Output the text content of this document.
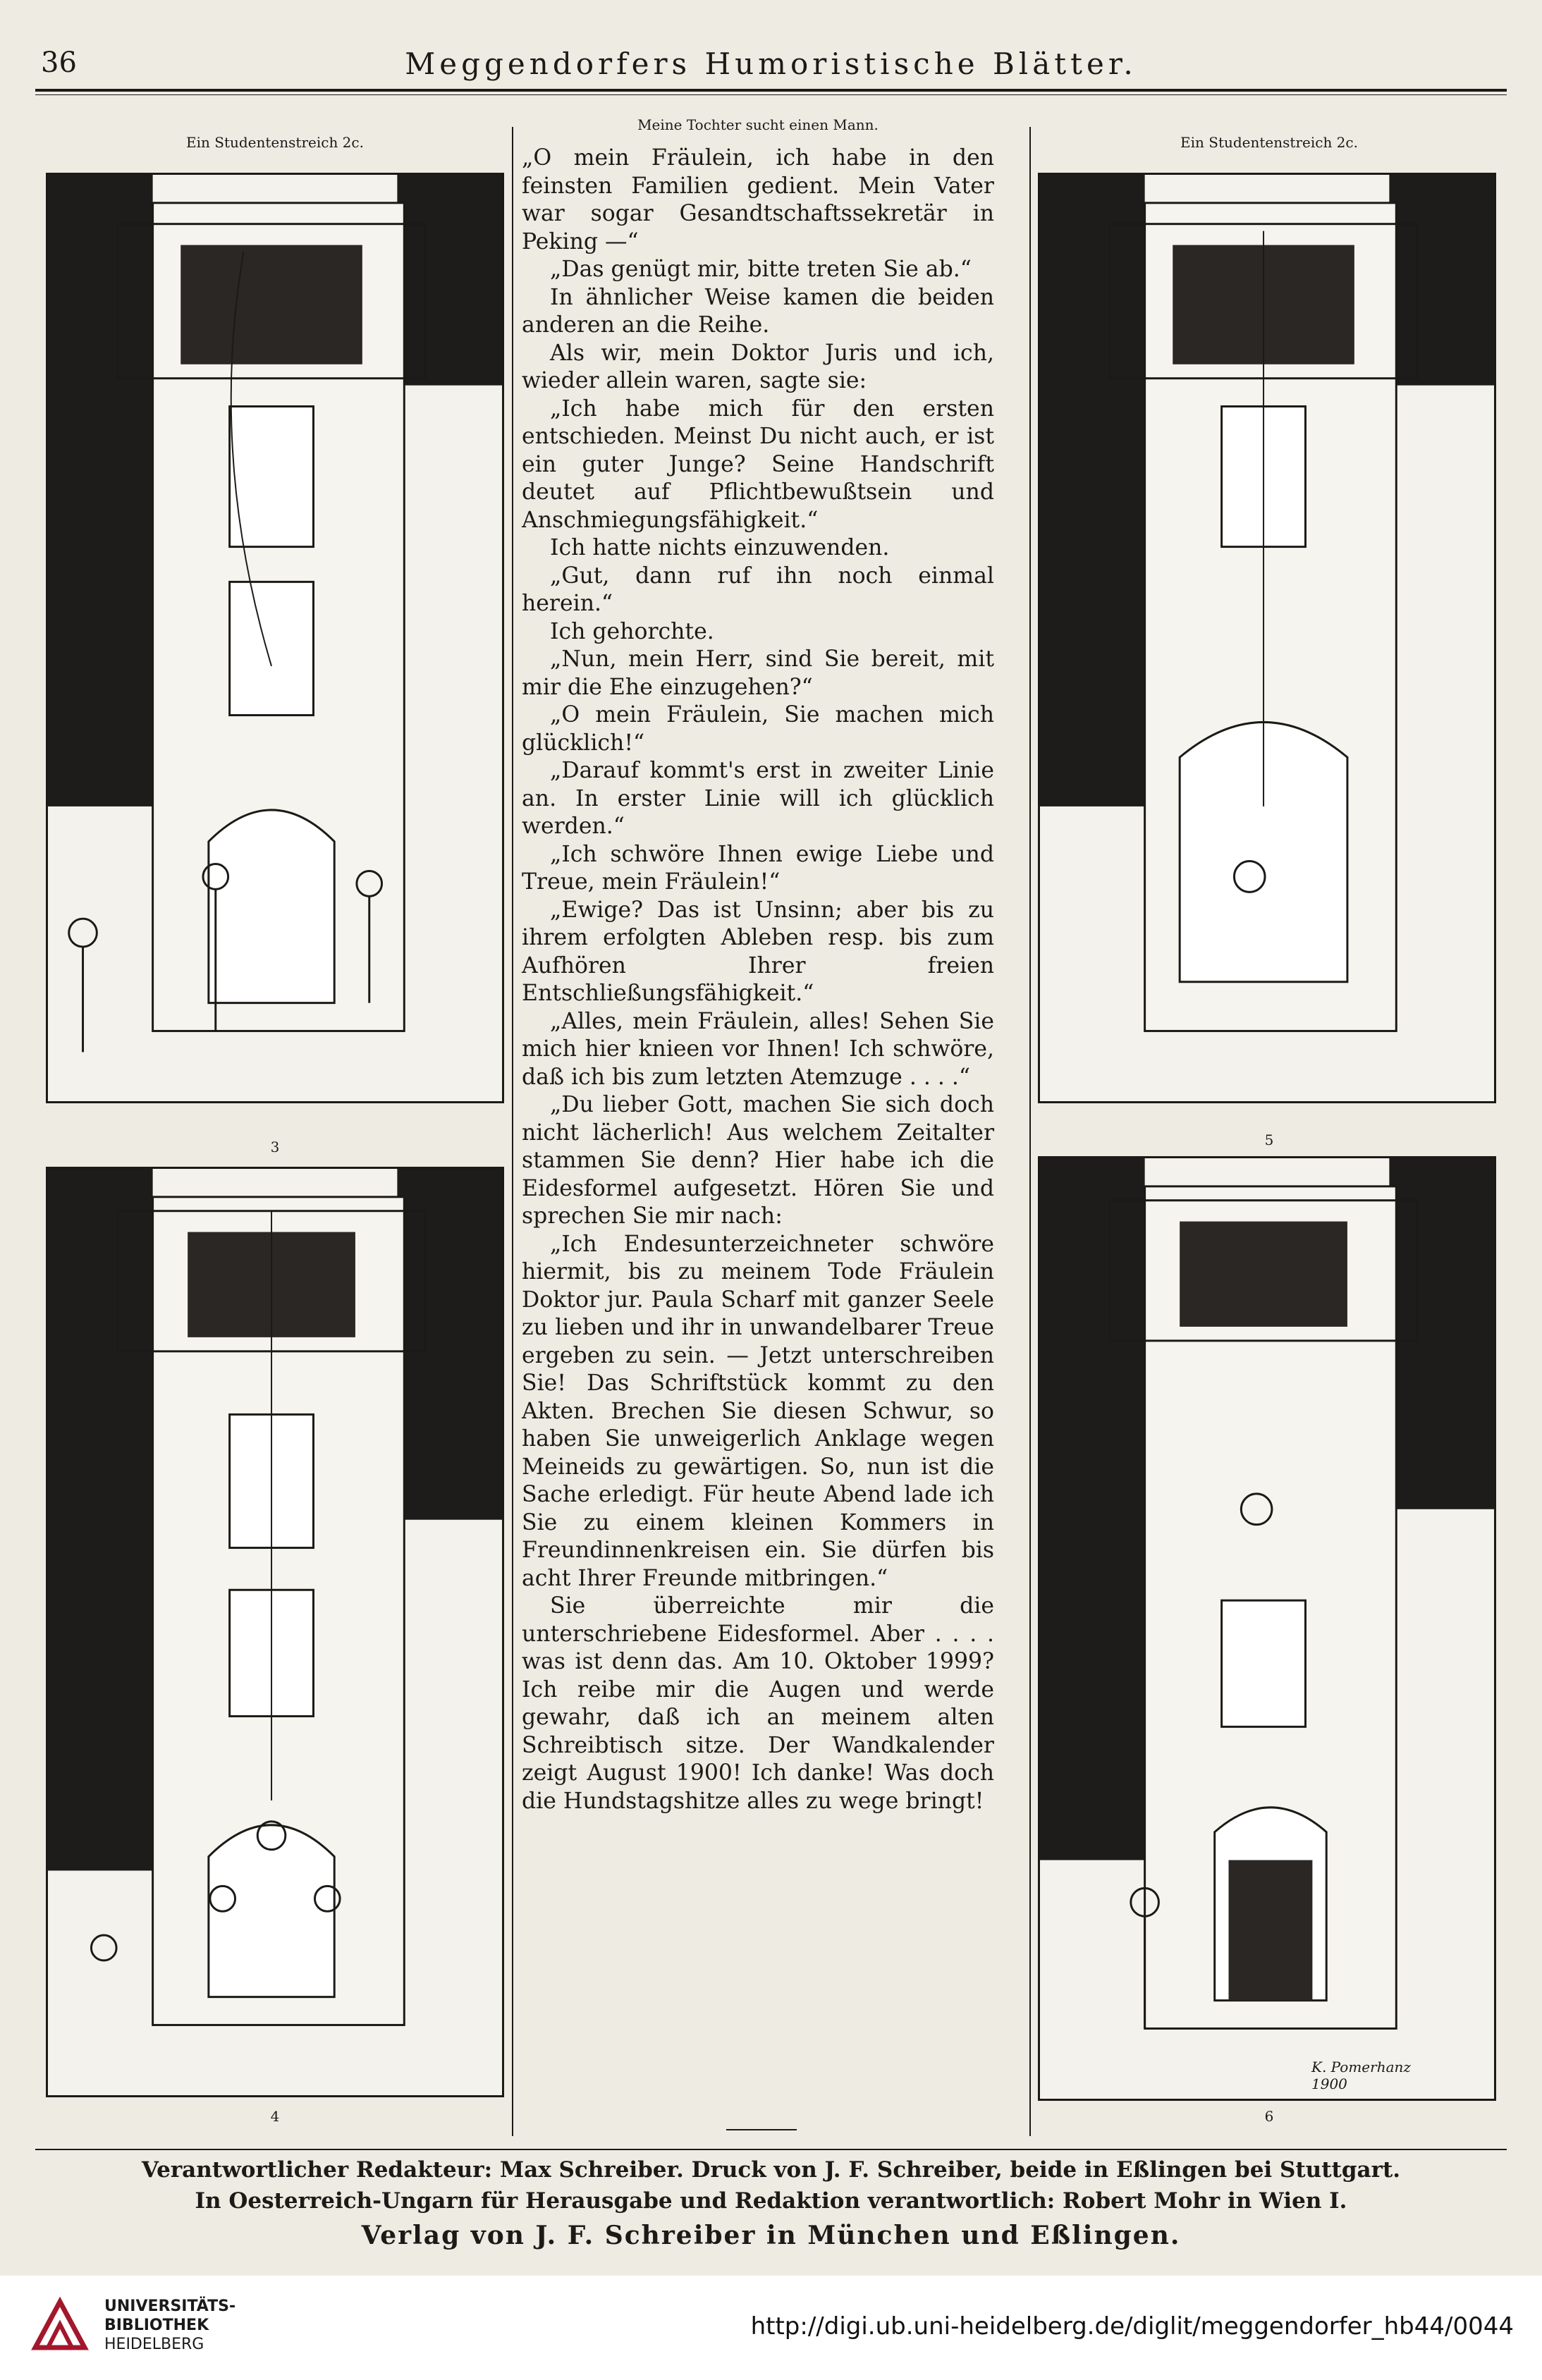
36	Meggendorfers Humoristische Blätter.
Ein Studentenstreich 2c.
Meine Tochter sucht einen Mann.
Ein Studentenstreich 2c.
3
4
5
K. Pomerhanz 1900
6

„O mein Fräulein, ich habe in den feinsten Familien gedient. Mein Vater war sogar Gesandtschaftssekretär in Peking —“

„Das genügt mir, bitte treten Sie ab.“

In ähnlicher Weise kamen die beiden anderen an die Reihe.

Als wir, mein Doktor Juris und ich, wieder allein waren, sagte sie:

„Ich habe mich für den ersten entschieden. Meinst Du nicht auch, er ist ein guter Junge? Seine Handschrift deutet auf Pflichtbewußtsein und Anschmiegungsfähigkeit.“

Ich hatte nichts einzuwenden.

„Gut, dann ruf ihn noch einmal herein.“

Ich gehorchte.

„Nun, mein Herr, sind Sie bereit, mit mir die Ehe einzugehen?“

„O mein Fräulein, Sie machen mich glücklich!“

„Darauf kommt's erst in zweiter Linie an. In erster Linie will ich glücklich werden.“

„Ich schwöre Ihnen ewige Liebe und Treue, mein Fräulein!“

„Ewige? Das ist Unsinn; aber bis zu ihrem erfolgten Ableben resp. bis zum Aufhören Ihrer freien Entschließungsfähigkeit.“

„Alles, mein Fräulein, alles! Sehen Sie mich hier knieen vor Ihnen! Ich schwöre, daß ich bis zum letzten Atemzuge . . . .“

„Du lieber Gott, machen Sie sich doch nicht lächerlich! Aus welchem Zeitalter stammen Sie denn? Hier habe ich die Eidesformel aufgesetzt. Hören Sie und sprechen Sie mir nach:

„Ich Endesunterzeichneter schwöre hiermit, bis zu meinem Tode Fräulein Doktor jur. Paula Scharf mit ganzer Seele zu lieben und ihr in unwandelbarer Treue ergeben zu sein. — Jetzt unterschreiben Sie! Das Schriftstück kommt zu den Akten. Brechen Sie diesen Schwur, so haben Sie unweigerlich Anklage wegen Meineids zu gewärtigen. So, nun ist die Sache erledigt. Für heute Abend lade ich Sie zu einem kleinen Kommers in Freundinnenkreisen ein. Sie dürfen bis acht Ihrer Freunde mitbringen.“

Sie überreichte mir die unterschriebene Eidesformel. Aber . . . . was ist denn das. Am 10. Oktober 1999? Ich reibe mir die Augen und werde gewahr, daß ich an meinem alten Schreibtisch sitze. Der Wandkalender zeigt August 1900! Ich danke! Was doch die Hundstagshitze alles zu wege bringt!

Verantwortlicher Redakteur: Max Schreiber. Druck von J. F. Schreiber, beide in Eßlingen bei Stuttgart.
In Oesterreich-Ungarn für Herausgabe und Redaktion verantwortlich: Robert Mohr in Wien I.
Verlag von J. F. Schreiber in München und Eßlingen.
UNIVERSITÄTS-
BIBLIOTHEK
HEIDELBERG
http://digi.ub.uni-heidelberg.de/diglit/meggendorfer_hb44/0044
